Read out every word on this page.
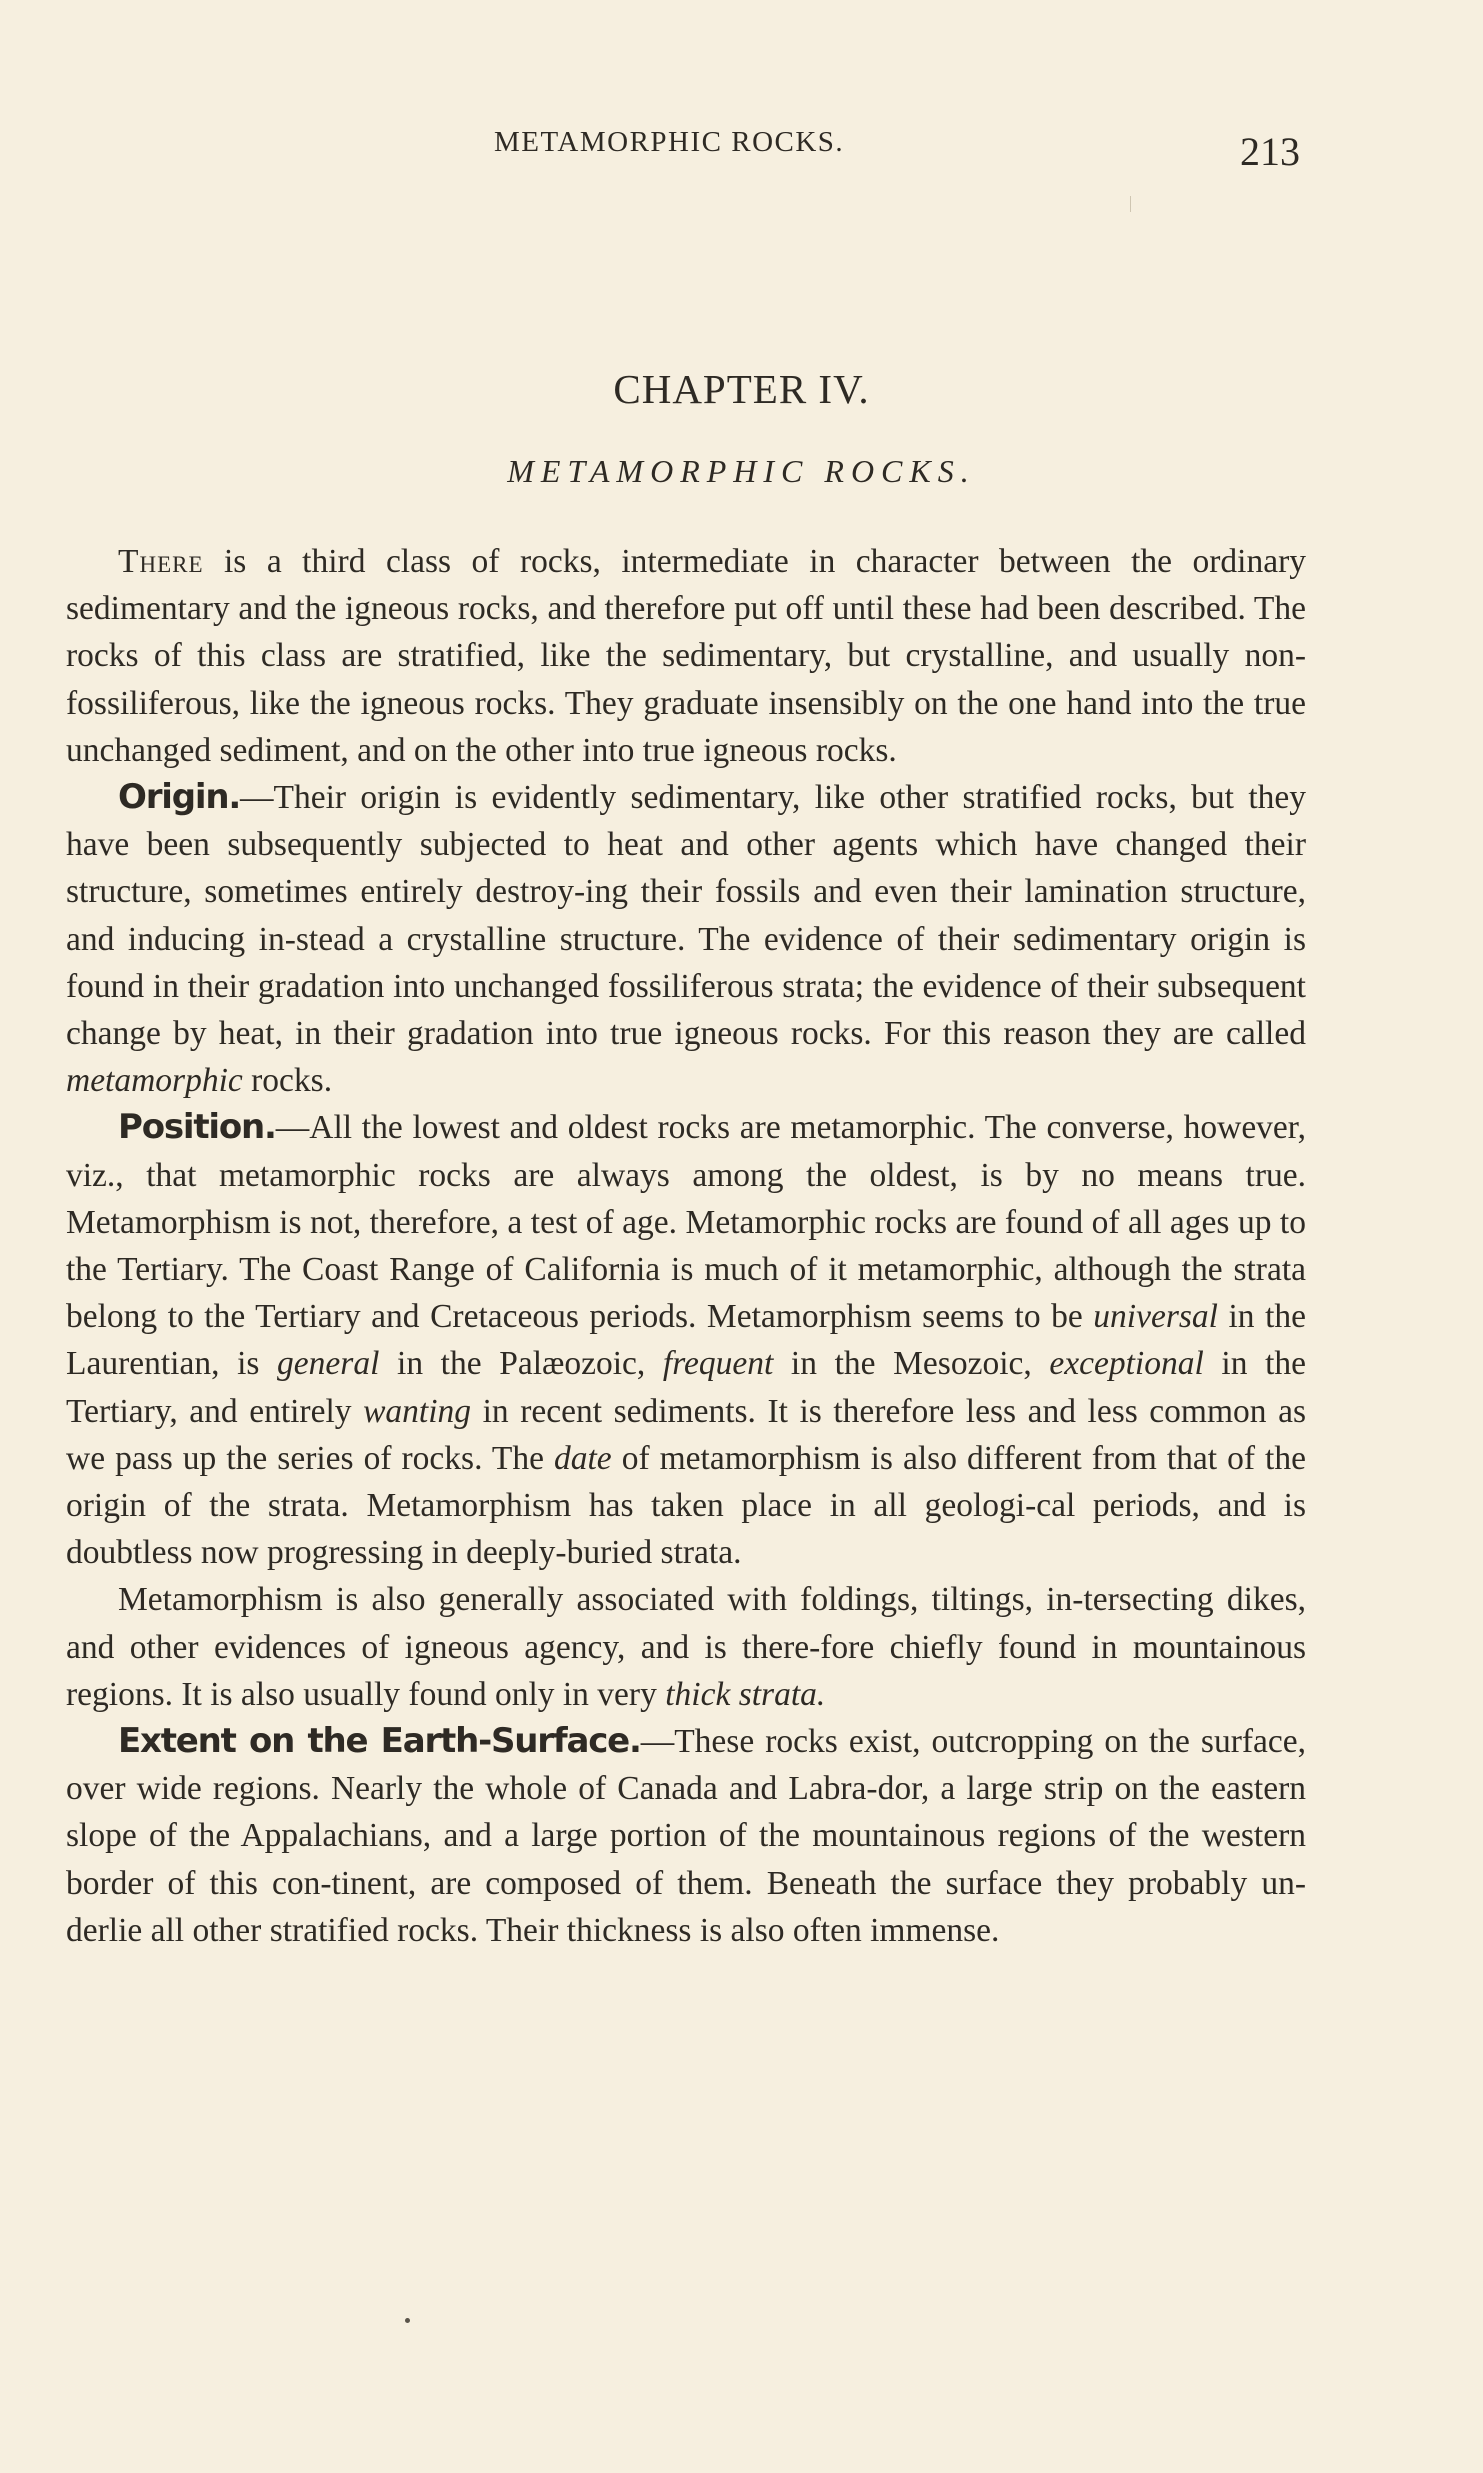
METAMORPHIC ROCKS.	213
CHAPTER IV.
METAMORPHIC ROCKS.

There is a third class of rocks, intermediate in character between the ordinary sedimentary and the igneous rocks, and therefore put off until these had been described. The rocks of this class are stratified, like the sedimentary, but crystalline, and usually non-fossiliferous, like the igneous rocks. They graduate insensibly on the one hand into the true unchanged sediment, and on the other into true igneous rocks.

Origin.—Their origin is evidently sedimentary, like other stratified rocks, but they have been subsequently subjected to heat and other agents which have changed their structure, sometimes entirely destroy-ing their fossils and even their lamination structure, and inducing in-stead a crystalline structure. The evidence of their sedimentary origin is found in their gradation into unchanged fossiliferous strata; the evidence of their subsequent change by heat, in their gradation into true igneous rocks. For this reason they are called metamorphic rocks.

Position.—All the lowest and oldest rocks are metamorphic. The converse, however, viz., that metamorphic rocks are always among the oldest, is by no means true. Metamorphism is not, therefore, a test of age. Metamorphic rocks are found of all ages up to the Tertiary. The Coast Range of California is much of it metamorphic, although the strata belong to the Tertiary and Cretaceous periods. Metamorphism seems to be universal in the Laurentian, is general in the Palæozoic, frequent in the Mesozoic, exceptional in the Tertiary, and entirely wanting in recent sediments. It is therefore less and less common as we pass up the series of rocks. The date of metamorphism is also different from that of the origin of the strata. Metamorphism has taken place in all geologi-cal periods, and is doubtless now progressing in deeply-buried strata.

Metamorphism is also generally associated with foldings, tiltings, in-tersecting dikes, and other evidences of igneous agency, and is there-fore chiefly found in mountainous regions. It is also usually found only in very thick strata.

Extent on the Earth-Surface.—These rocks exist, outcropping on the surface, over wide regions. Nearly the whole of Canada and Labra-dor, a large strip on the eastern slope of the Appalachians, and a large portion of the mountainous regions of the western border of this con-tinent, are composed of them. Beneath the surface they probably un-derlie all other stratified rocks. Their thickness is also often immense.
